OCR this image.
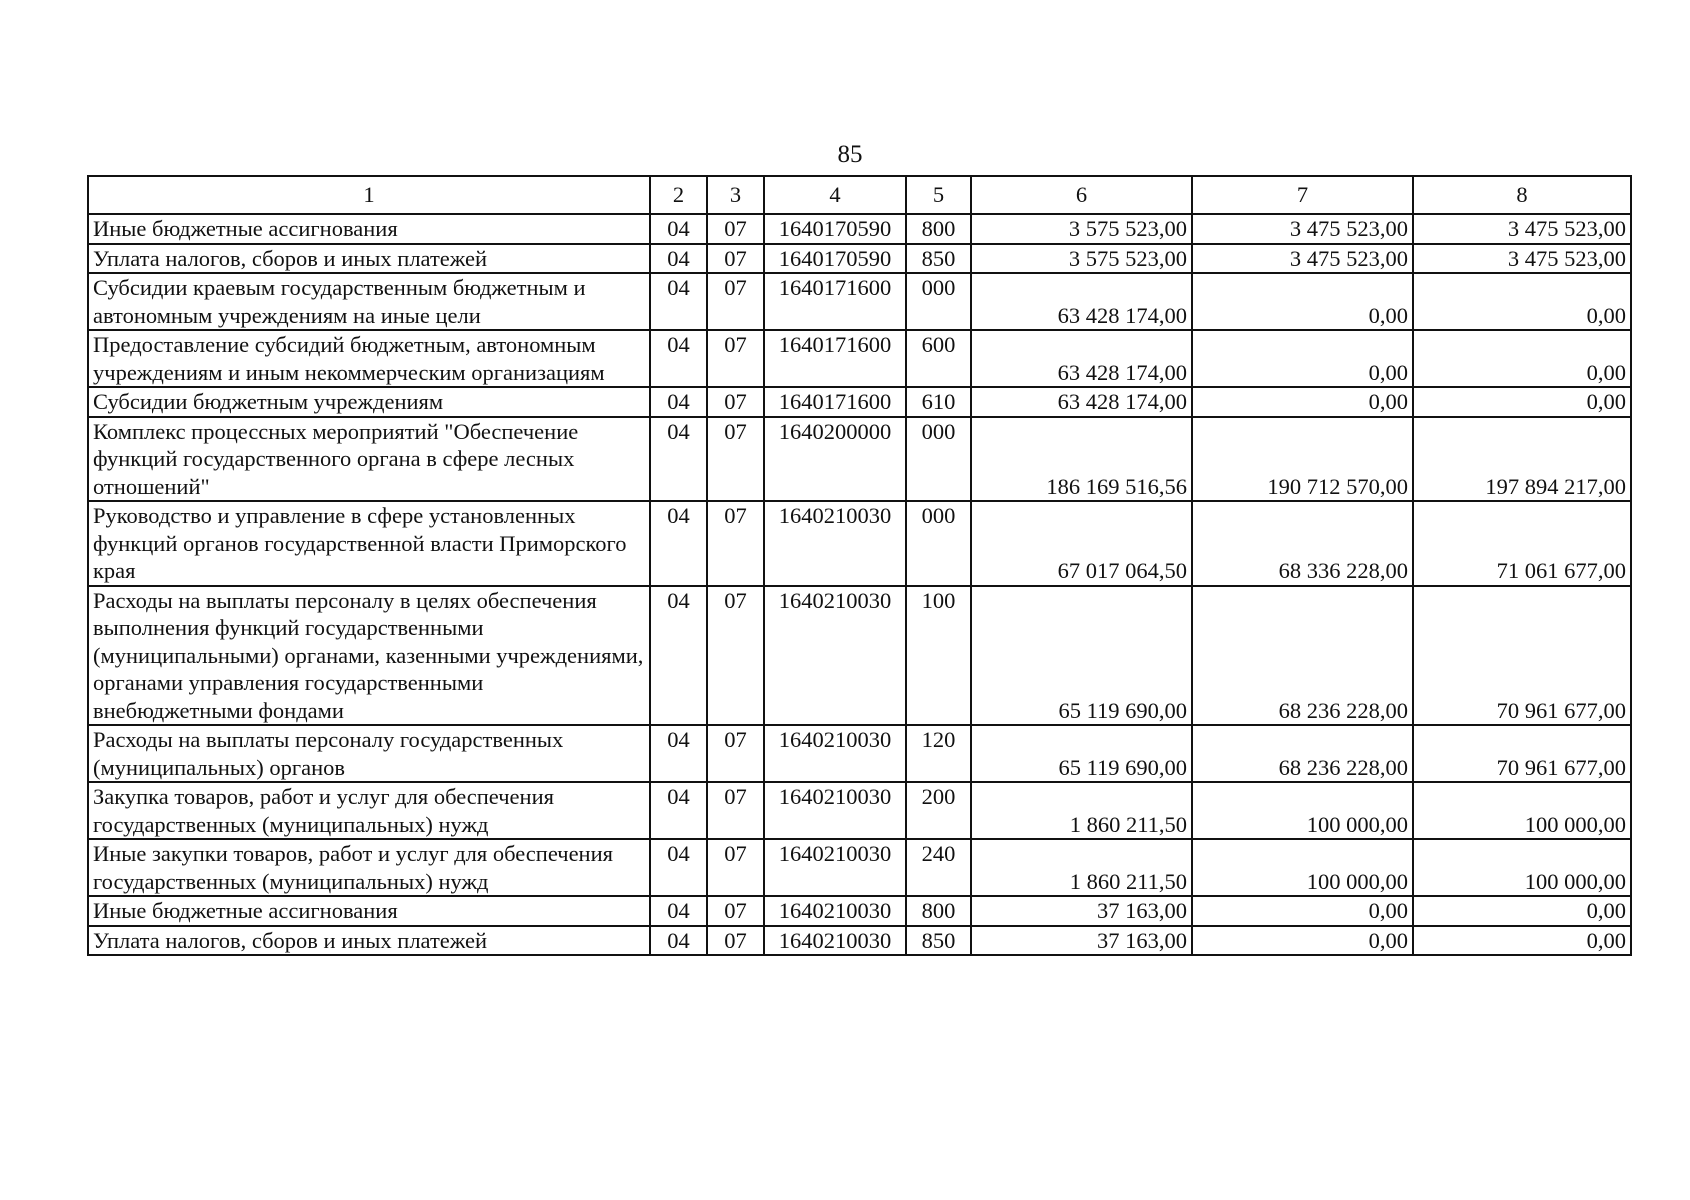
85
1	2	3	4	5	6	7	8
Иные бюджетные ассигнования	04	07	1640170590	800	3 575 523,00	3 475 523,00	3 475 523,00
Уплата налогов, сборов и иных платежей	04	07	1640170590	850	3 575 523,00	3 475 523,00	3 475 523,00
Субсидии краевым государственным бюджетным и автономным учреждениям на иные цели	04	07	1640171600	000	63 428 174,00	0,00	0,00
Предоставление субсидий бюджетным, автономным учреждениям и иным некоммерческим организациям	04	07	1640171600	600	63 428 174,00	0,00	0,00
Субсидии бюджетным учреждениям	04	07	1640171600	610	63 428 174,00	0,00	0,00
Комплекс процессных мероприятий "Обеспечение функций государственного органа в сфере лесных отношений"	04	07	1640200000	000	186 169 516,56	190 712 570,00	197 894 217,00
Руководство и управление в сфере установленных функций органов государственной власти Приморского края	04	07	1640210030	000	67 017 064,50	68 336 228,00	71 061 677,00
Расходы на выплаты персоналу в целях обеспечения выполнения функций государственными (муниципальными) органами, казенными учреждениями, органами управления государственными внебюджетными фондами	04	07	1640210030	100	65 119 690,00	68 236 228,00	70 961 677,00
Расходы на выплаты персоналу государственных (муниципальных) органов	04	07	1640210030	120	65 119 690,00	68 236 228,00	70 961 677,00
Закупка товаров, работ и услуг для обеспечения государственных (муниципальных) нужд	04	07	1640210030	200	1 860 211,50	100 000,00	100 000,00
Иные закупки товаров, работ и услуг для обеспечения государственных (муниципальных) нужд	04	07	1640210030	240	1 860 211,50	100 000,00	100 000,00
Иные бюджетные ассигнования	04	07	1640210030	800	37 163,00	0,00	0,00
Уплата налогов, сборов и иных платежей	04	07	1640210030	850	37 163,00	0,00	0,00
